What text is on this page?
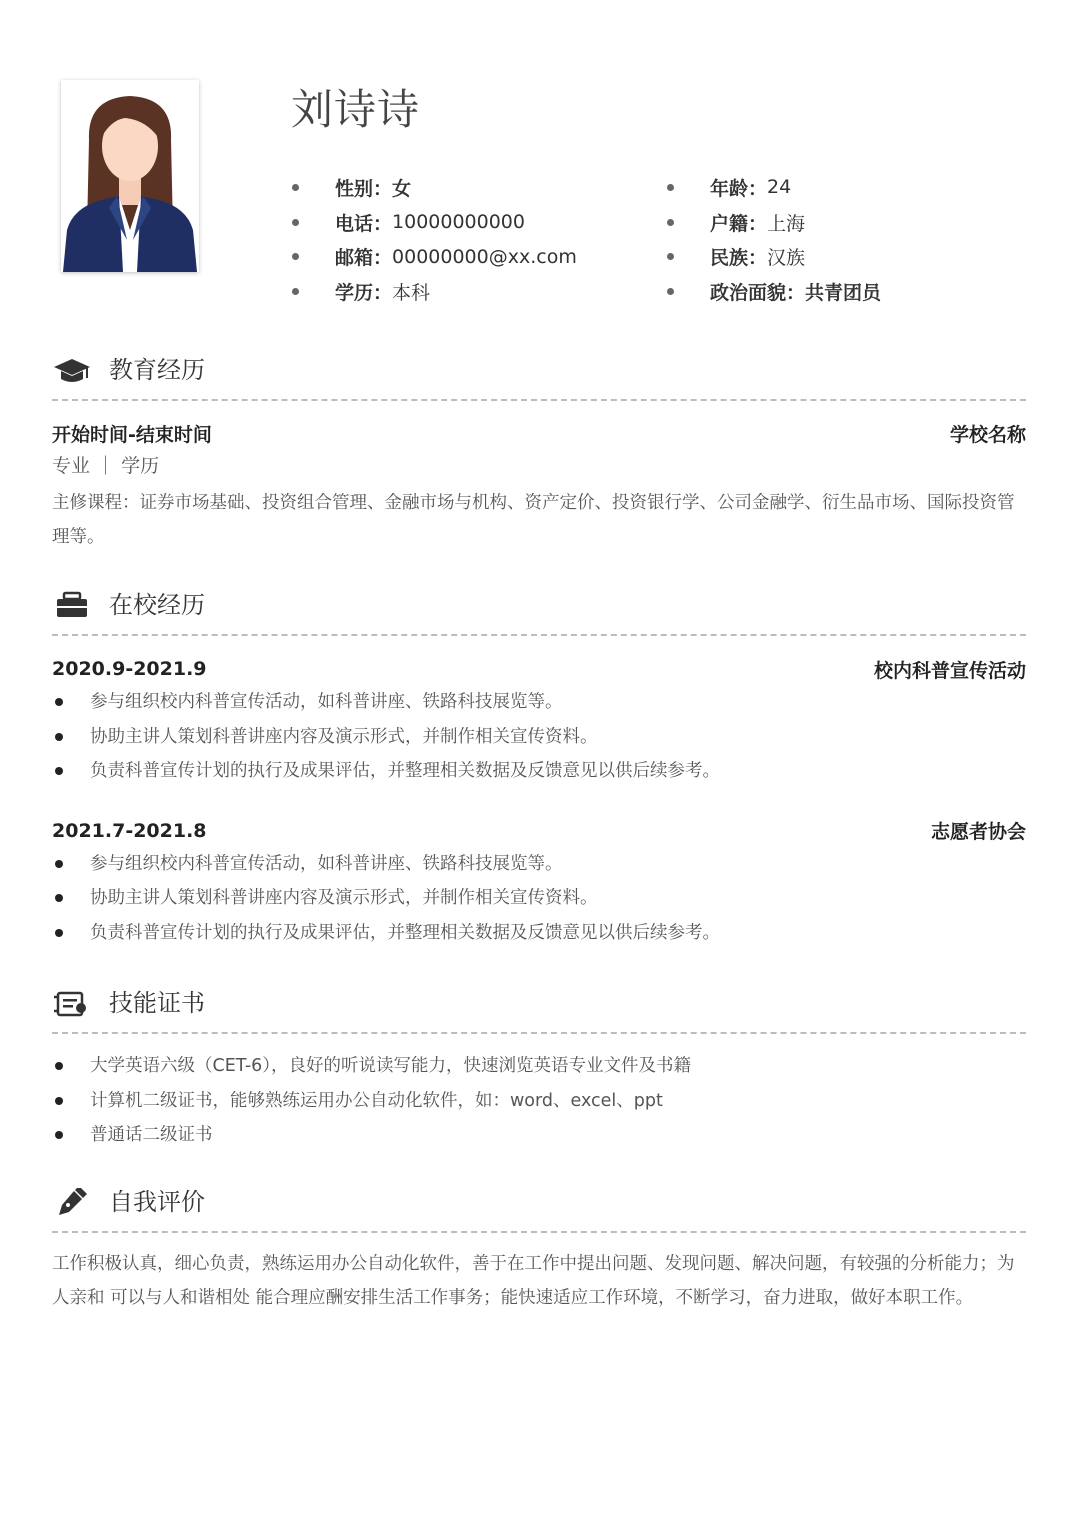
刘诗诗
性别： 女
电话： 10000000000
邮箱： 00000000@xx.com
学历： 本科
年龄： 24
户籍： 上海
民族： 汉族
政治面貌： 共青团员
教育经历
开始时间-结束时间	学校名称
专业 ｜ 学历
主修课程：证券市场基础、投资组合管理、金融市场与机构、资产定价、投资银行学、公司金融学、衍生品市场、国际投资管理等。
在校经历
2020.9-2021.9	校内科普宣传活动
参与组织校内科普宣传活动，如科普讲座、铁路科技展览等。
协助主讲人策划科普讲座内容及演示形式，并制作相关宣传资料。
负责科普宣传计划的执行及成果评估，并整理相关数据及反馈意见以供后续参考。
2021.7-2021.8	志愿者协会
参与组织校内科普宣传活动，如科普讲座、铁路科技展览等。
协助主讲人策划科普讲座内容及演示形式，并制作相关宣传资料。
负责科普宣传计划的执行及成果评估，并整理相关数据及反馈意见以供后续参考。
技能证书
大学英语六级（CET-6），良好的听说读写能力，快速浏览英语专业文件及书籍
计算机二级证书，能够熟练运用办公自动化软件，如：word、excel、ppt
普通话二级证书
自我评价
工作积极认真，细心负责，熟练运用办公自动化软件，善于在工作中提出问题、发现问题、解决问题，有较强的分析能力；为人亲和 可以与人和谐相处 能合理应酬安排生活工作事务；能快速适应工作环境，不断学习，奋力进取，做好本职工作。
